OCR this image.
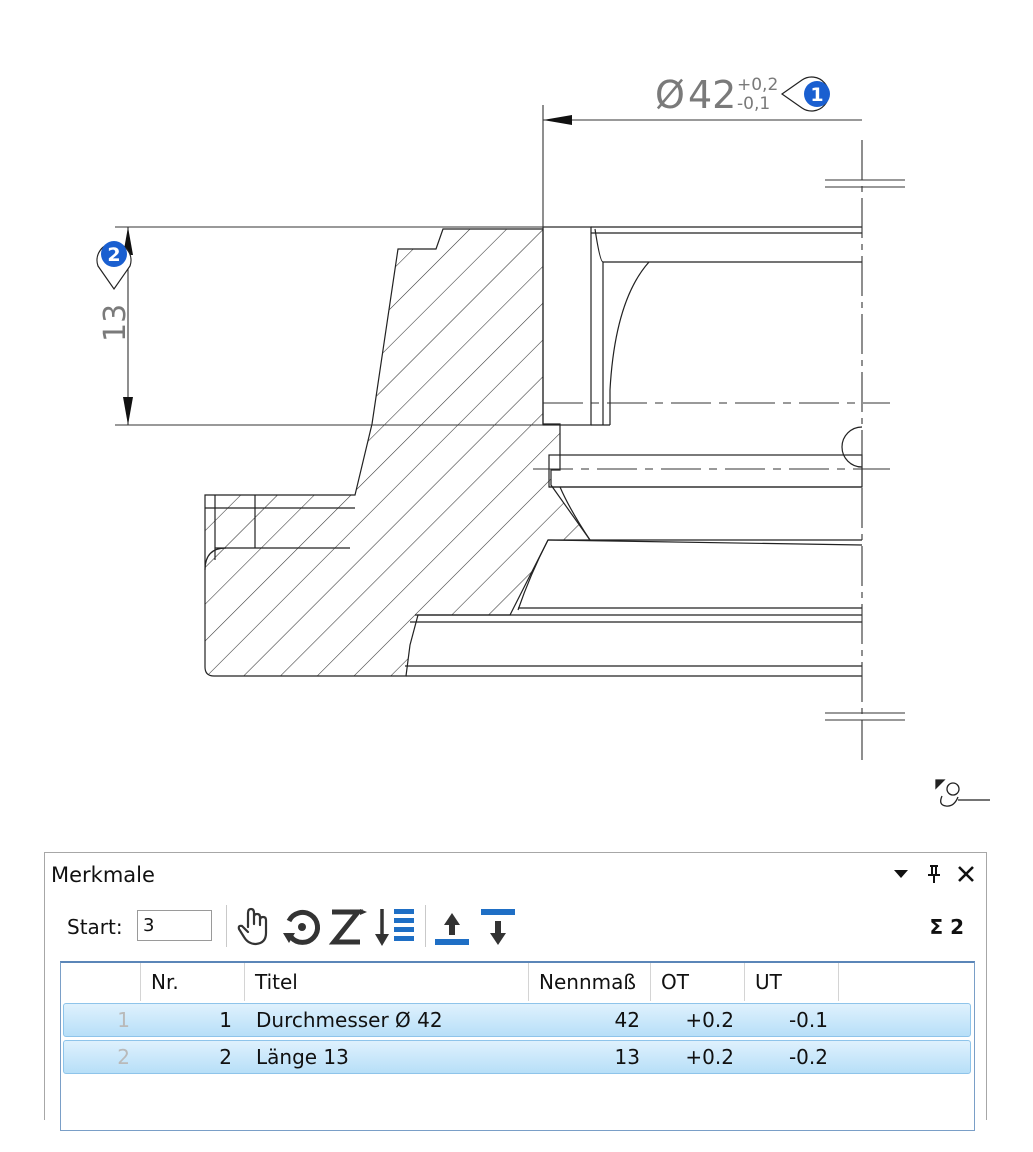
Ø 42 +0,2
-0,1 1
13
2
Merkmale
Start:
3	Σ 2
Nr.	Titel	Nennmaß	OT	UT
1	1 Durchmesser Ø 42	42	+0.2	-0.1
2	2 Länge 13	13	+0.2	-0.2
